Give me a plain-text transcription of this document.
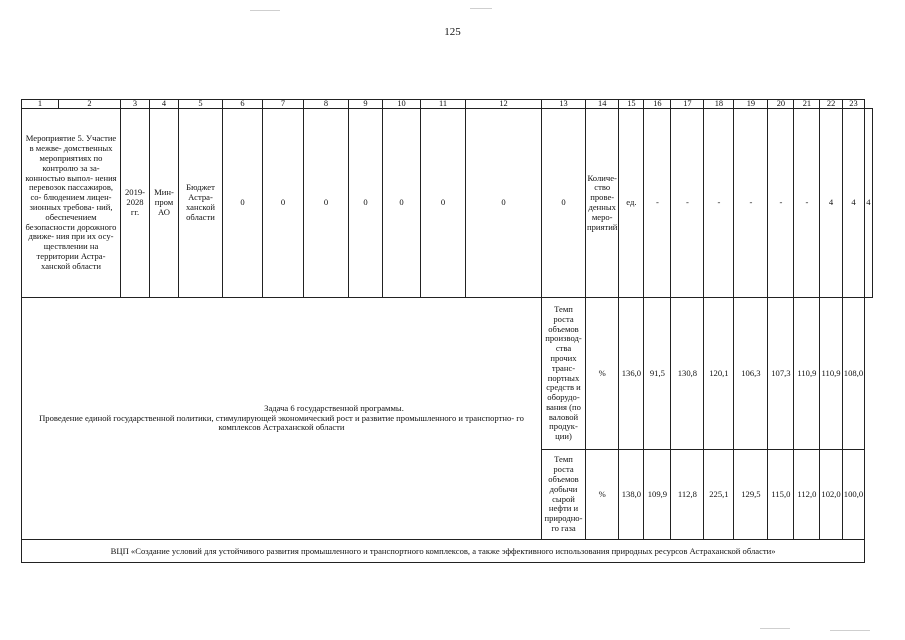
125
1	2	3	4	5	6	7	8	9	10	11	12	13	14	15	16	17	18	19	20	21	22	23	
Мероприятие 5. Участие в межве- домственных мероприятиях по контролю за за- конностью выпол- нения перевозок пассажиров, со- блюдением лицен- зионных требова- ний, обеспечением безопасности дорожного движе- ния при их осу- ществлении на территории Астра- ханской области		2019- 2028 гг.	Мин- пром АО	Бюджет Астра- ханской области	0	0	0	0	0	0	0	0	Количе- ство прове- денных меро- приятий	ед.	-	-	-	-	-	-	4	4	4

Задача 6 государственной программы.
Проведение единой государственной политики, стимулирующей экономический рост и развитие промышленного и транспортно- го комплексов Астраханской области												Темп роста объемов производ- ства прочих транс- портных средств и оборудо- вания (по валовой продук- ции)	%	136,0	91,5	130,8	120,1	106,3	107,3	110,9	110,9	108,0	
												Темп роста объемов добычи сырой нефти и природно- го газа	%	138,0	109,9	112,8	225,1	129,5	115,0	112,0	102,0	100,0	
ВЦП «Создание условий для устойчивого развития промышленного и транспортного комплексов, а также эффективного использования природных ресурсов Астраханской области»																							
